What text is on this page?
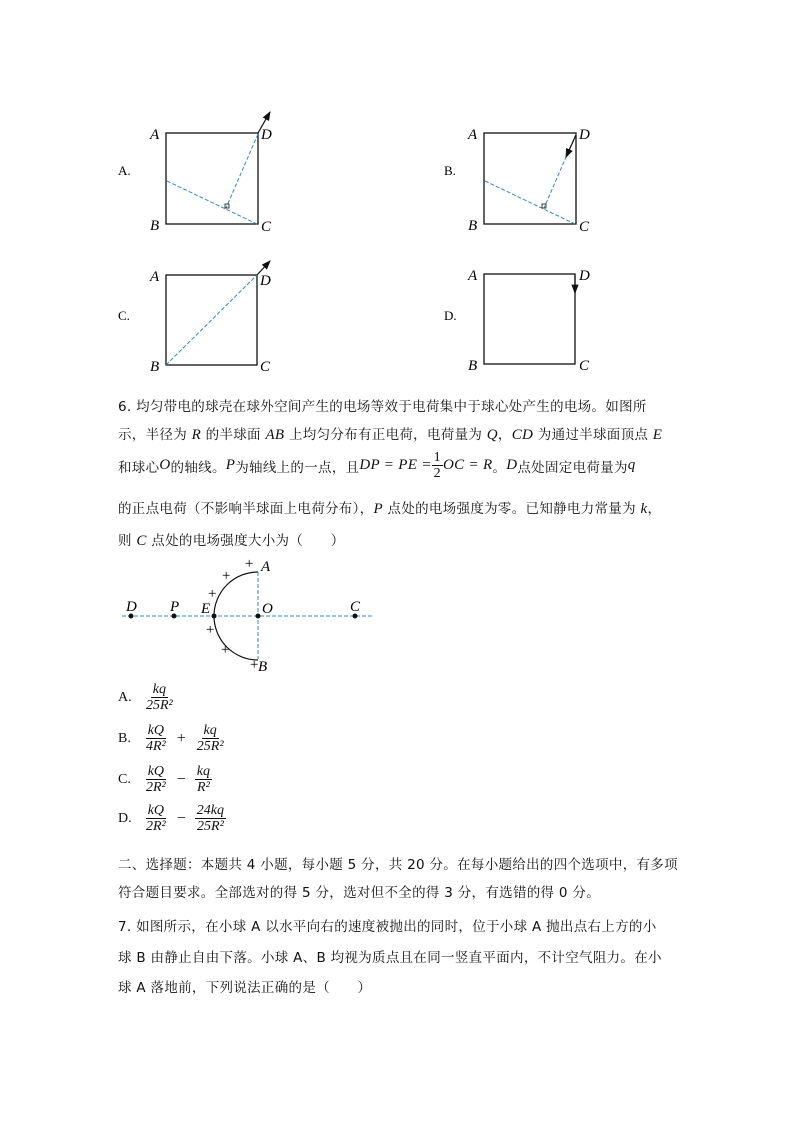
A.
A
B	C
D
B.
A
B	C
D
C.
A
B	C
D
D.
A
B	C
D
6. 均匀带电的球壳在球外空间产生的电场等效于电荷集中于球心处产生的电场。如图所
示，半径为 R 的半球面 AB 上均匀分布有正电荷，电荷量为 Q，CD 为通过半球面顶点 E
和球心 O 的轴线。 P 为轴线上的一点，且 DP = PE = $\frac{1}{2}$ OC = R 。 D 点处固定电荷量为 q
的正点电荷（不影响半球面上电荷分布），P 点处的电场强度为零。已知静电力常量为 k，
则 C 点处的电场强度大小为（　　）
D P E	O	C
A
B
+
+
+
+
+
+
A. $\frac{kq}{\text{25R²}}$
B. $\frac{kQ}{\text{4R²}} + \frac{kq}{\text{25R²}}$
C. $\frac{kQ}{\text{2R²}} - \frac{kq}{\text{R²}}$
D. $\frac{kQ}{\text{2R²}} - \frac{24kq}{\text{25R²}}$
二、选择题：本题共 4 小题，每小题 5 分，共 20 分。在每小题给出的四个选项中，有多项
符合题目要求。全部选对的得 5 分，选对但不全的得 3 分，有选错的得 0 分。
7. 如图所示，在小球 A 以水平向右的速度被抛出的同时，位于小球 A 抛出点右上方的小
球 B 由静止自由下落。小球 A、B 均视为质点且在同一竖直平面内，不计空气阻力。在小
球 A 落地前，下列说法正确的是（　　）
